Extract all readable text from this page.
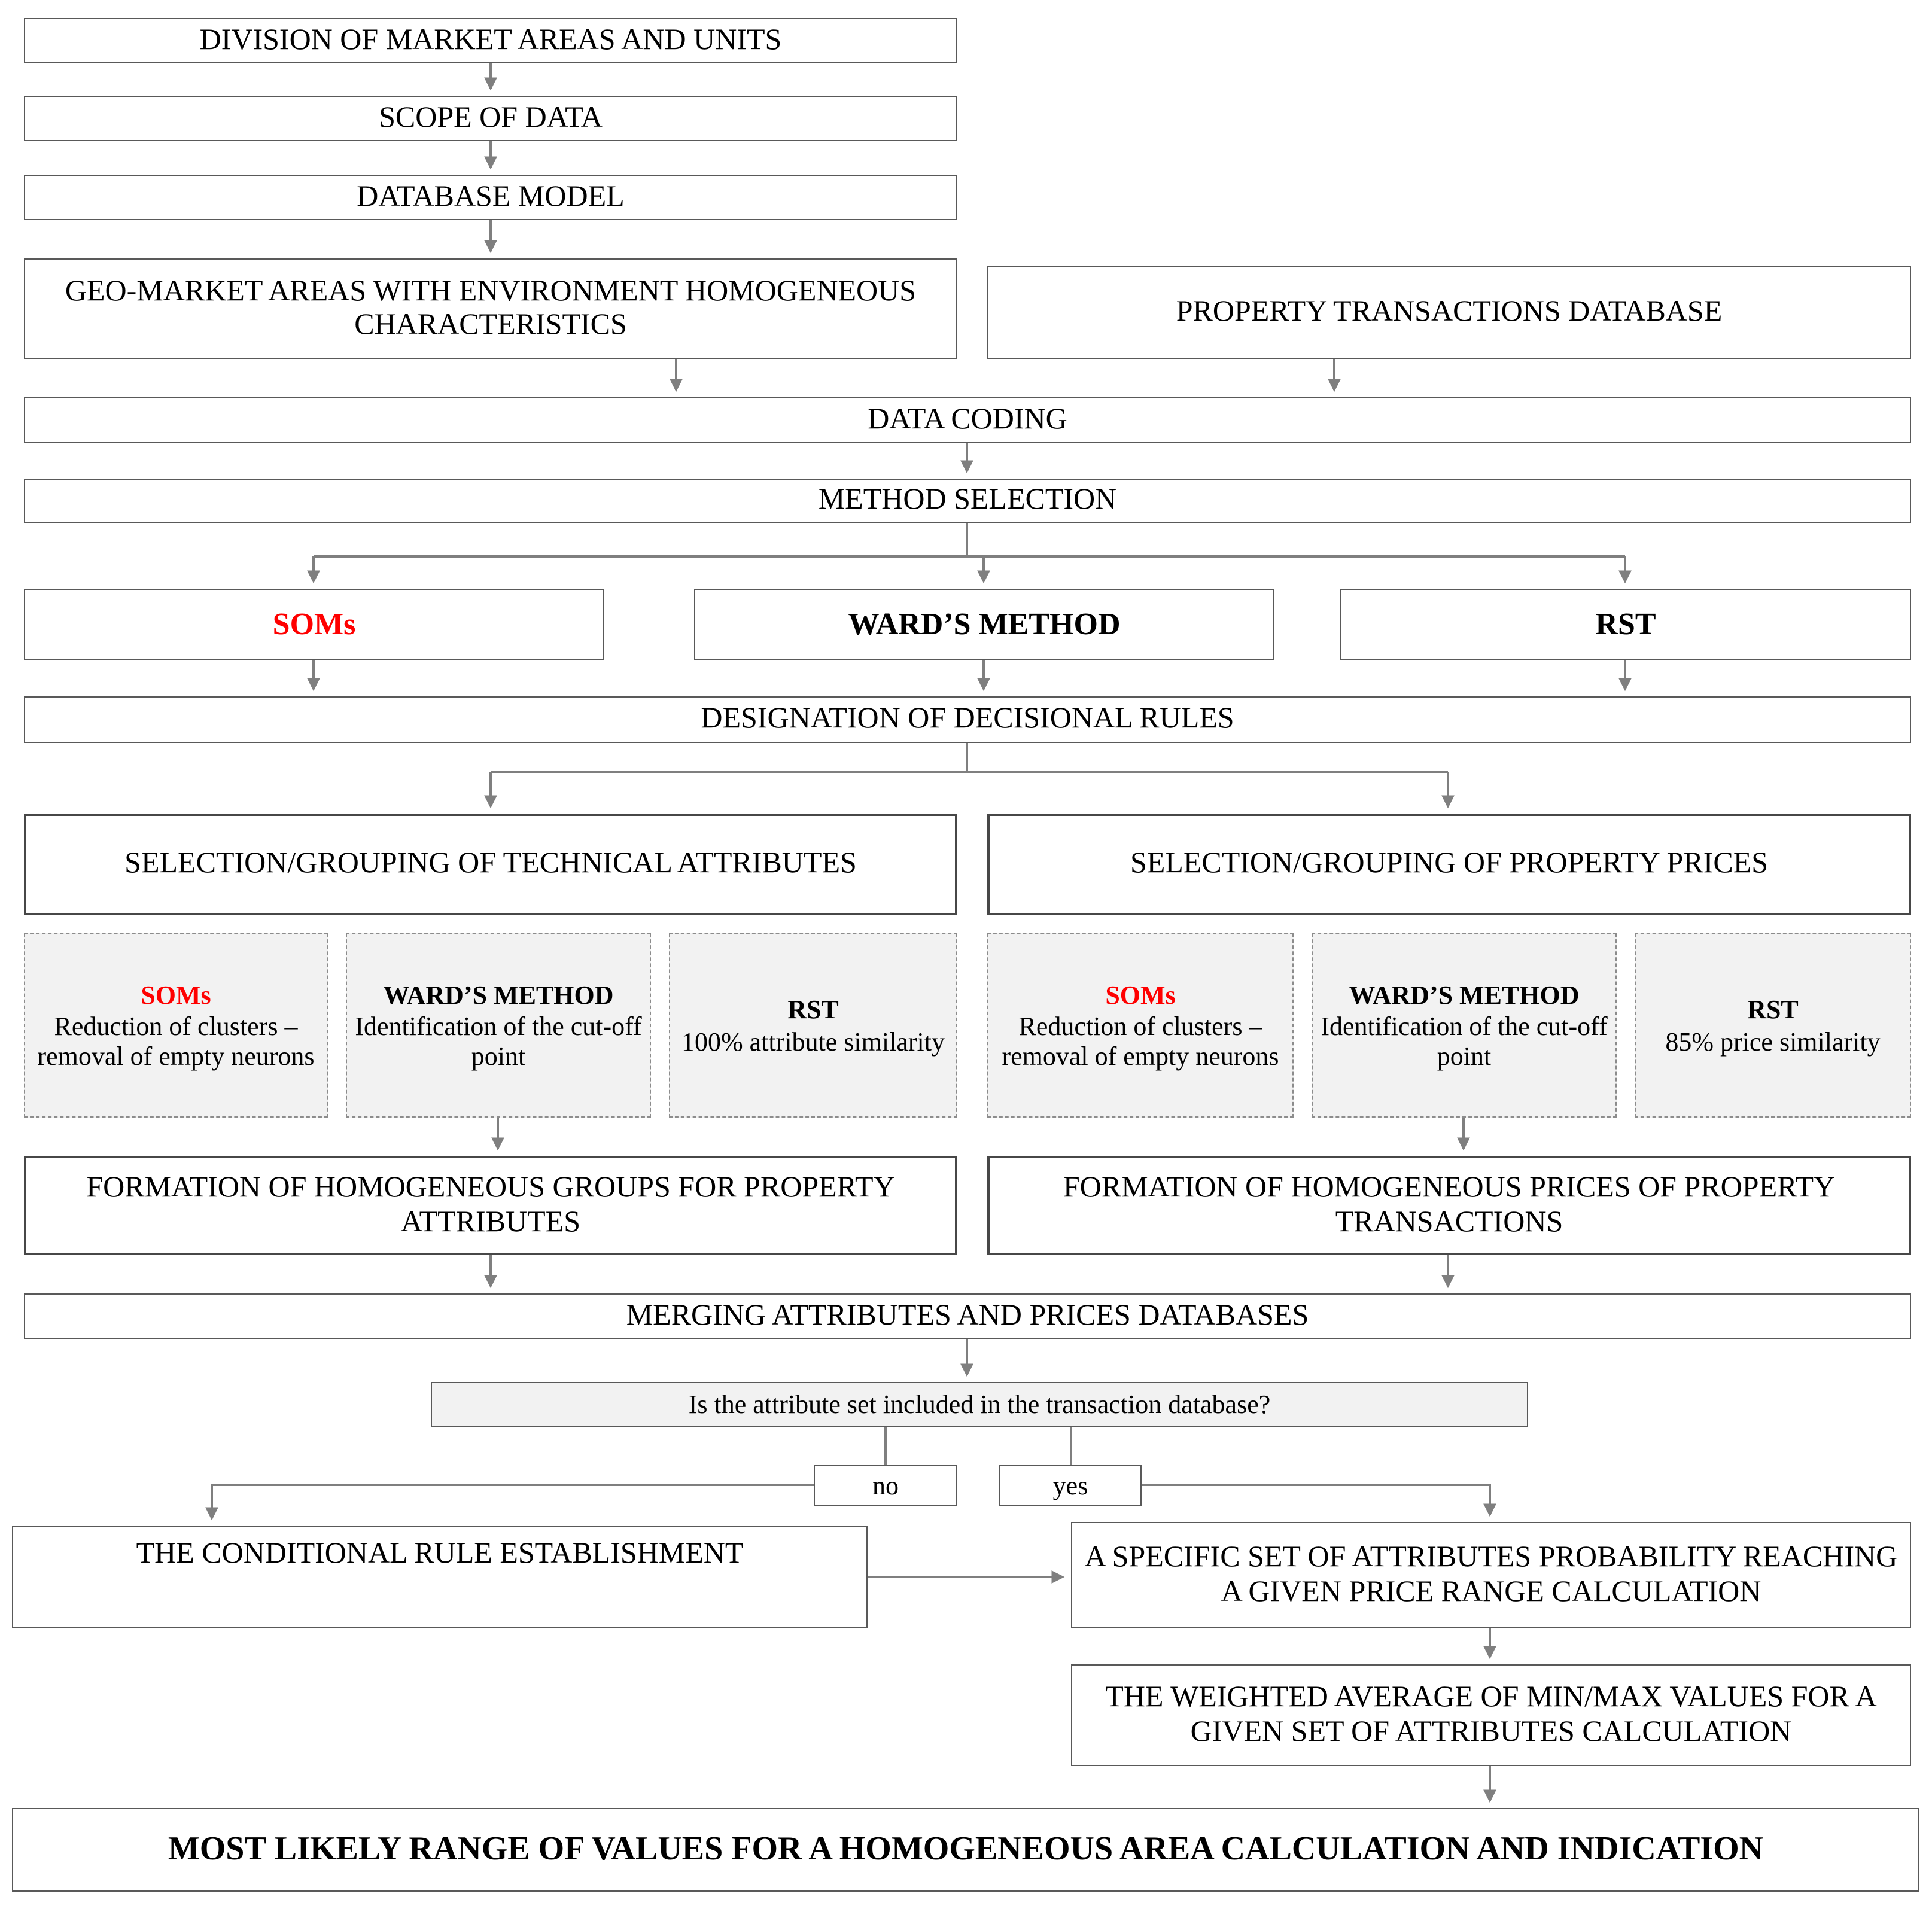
DIVISION OF MARKET AREAS AND UNITS
SCOPE OF DATA
DATABASE MODEL
GEO-MARKET AREAS WITH ENVIRONMENT HOMOGENEOUS CHARACTERISTICS	PROPERTY TRANSACTIONS DATABASE
DATA CODING
METHOD SELECTION
SOMs	WARD’S METHOD	RST
DESIGNATION OF DECISIONAL RULES
SELECTION/GROUPING OF TECHNICAL ATTRIBUTES	SELECTION/GROUPING OF PROPERTY PRICES
SOMs
Reduction of clusters – removal of empty neurons
WARD’S METHOD
Identification of the cut-off point
RST
100% attribute similarity
SOMs
Reduction of clusters – removal of empty neurons
WARD’S METHOD
Identification of the cut-off point
RST
85% price similarity
FORMATION OF HOMOGENEOUS GROUPS FOR PROPERTY ATTRIBUTES
FORMATION OF HOMOGENEOUS PRICES OF PROPERTY TRANSACTIONS
MERGING ATTRIBUTES AND PRICES DATABASES
Is the attribute set included in the transaction database?
no	yes
THE CONDITIONAL RULE ESTABLISHMENT	A SPECIFIC SET OF ATTRIBUTES PROBABILITY REACHING A GIVEN PRICE RANGE CALCULATION
THE WEIGHTED AVERAGE OF MIN/MAX VALUES FOR A GIVEN SET OF ATTRIBUTES CALCULATION
MOST LIKELY RANGE OF VALUES FOR A HOMOGENEOUS AREA CALCULATION AND INDICATION
